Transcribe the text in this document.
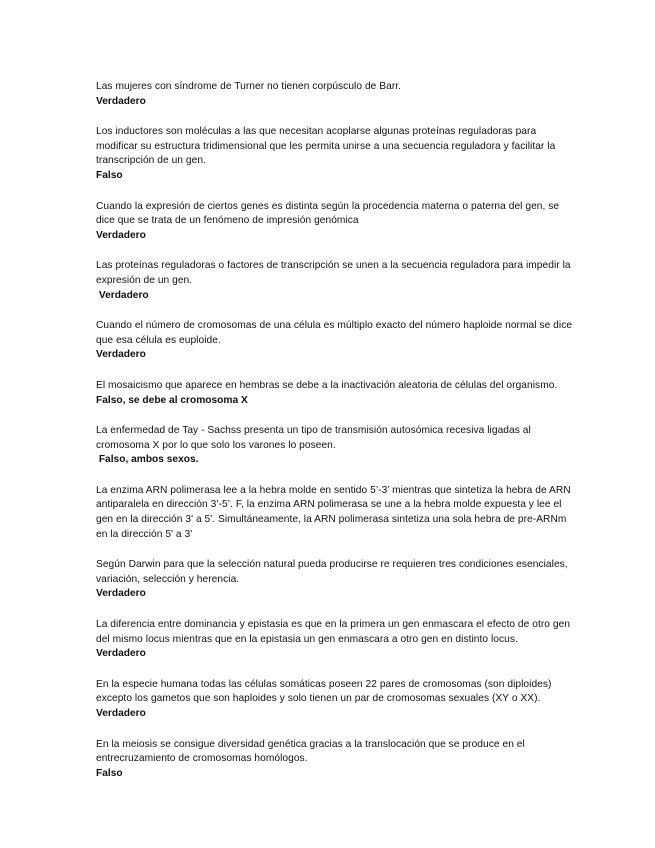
Las mujeres con síndrome de Turner no tienen corpúsculo de Barr.

Verdadero

Los inductores son moléculas a las que necesitan acoplarse algunas proteínas reguladoras para modificar su estructura tridimensional que les permita unirse a una secuencia reguladora y facilitar la transcripción de un gen.

Falso

Cuando la expresión de ciertos genes es distinta según la procedencia materna o paterna del gen, se dice que se trata de un fenómeno de impresión genómica

Verdadero

Las proteínas reguladoras o factores de transcripción se unen a la secuencia reguladora para impedir la expresión de un gen.

Verdadero

Cuando el número de cromosomas de una célula es múltiplo exacto del número haploide normal se dice que esa célula es euploide.

Verdadero

El mosaicismo que aparece en hembras se debe a la inactivación aleatoria de células del organismo.

Falso, se debe al cromosoma X

La enfermedad de Tay - Sachss presenta un tipo de transmisión autosómica recesiva ligadas al cromosoma X por lo que solo los varones lo poseen.

Falso, ambos sexos.

La enzima ARN polimerasa lee a la hebra molde en sentido 5’-3’ mientras que sintetiza la hebra de ARN antiparalela en dirección 3’-5’. F, la enzima ARN polimerasa se une a la hebra molde expuesta y lee el gen en la dirección 3' a 5'. Simultáneamente, la ARN polimerasa sintetiza una sola hebra de pre-ARNm en la dirección 5' a 3'

Según Darwin para que la selección natural pueda producirse re requieren tres condiciones esenciales, variación, selección y herencia.

Verdadero

La diferencia entre dominancia y epistasia es que en la primera un gen enmascara el efecto de otro gen del mismo locus mientras que en la epistasia un gen enmascara a otro gen en distinto locus.

Verdadero

En la especie humana todas las células somáticas poseen 22 pares de cromosomas (son diploides) excepto los gametos que son haploides y solo tienen un par de cromosomas sexuales (XY o XX).

Verdadero

En la meiosis se consigue diversidad genética gracias a la translocación que se produce en el entrecruzamiento de cromosomas homólogos.

Falso
